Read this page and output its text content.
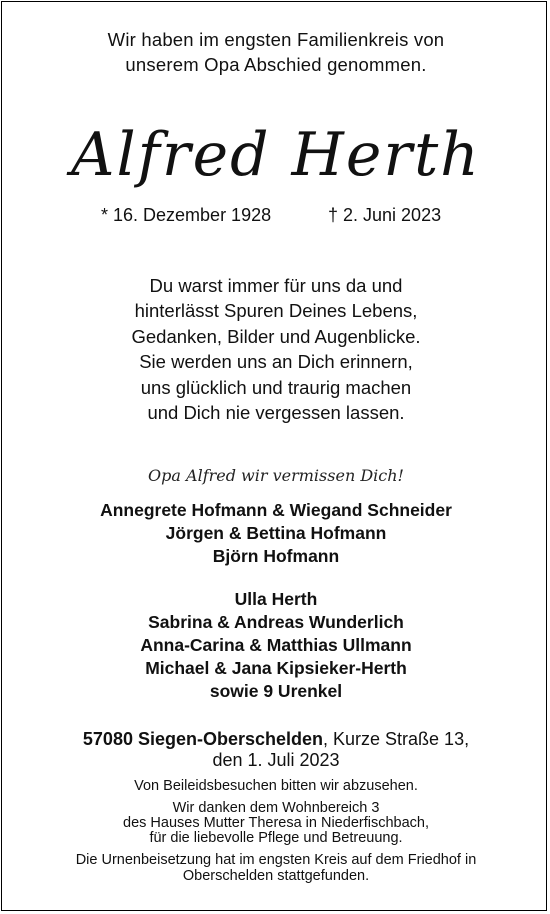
Wir haben im engsten Familienkreis von
unserem Opa Abschied genommen.
Alfred Herth
* 16. Dezember 1928	† 2. Juni 2023
Du warst immer für uns da und
hinterlässt Spuren Deines Lebens,
Gedanken, Bilder und Augenblicke.
Sie werden uns an Dich erinnern,
uns glücklich und traurig machen
und Dich nie vergessen lassen.
Opa Alfred wir vermissen Dich!
Annegrete Hofmann & Wiegand Schneider
Jörgen & Bettina Hofmann
Björn Hofmann
Ulla Herth
Sabrina & Andreas Wunderlich
Anna-Carina & Matthias Ullmann
Michael & Jana Kipsieker-Herth
sowie 9 Urenkel
57080 Siegen-Oberschelden, Kurze Straße 13,
den 1. Juli 2023
Von Beileidsbesuchen bitten wir abzusehen.
Wir danken dem Wohnbereich 3
des Hauses Mutter Theresa in Niederfischbach,
für die liebevolle Pflege und Betreuung.
Die Urnenbeisetzung hat im engsten Kreis auf dem Friedhof in
Oberschelden stattgefunden.
